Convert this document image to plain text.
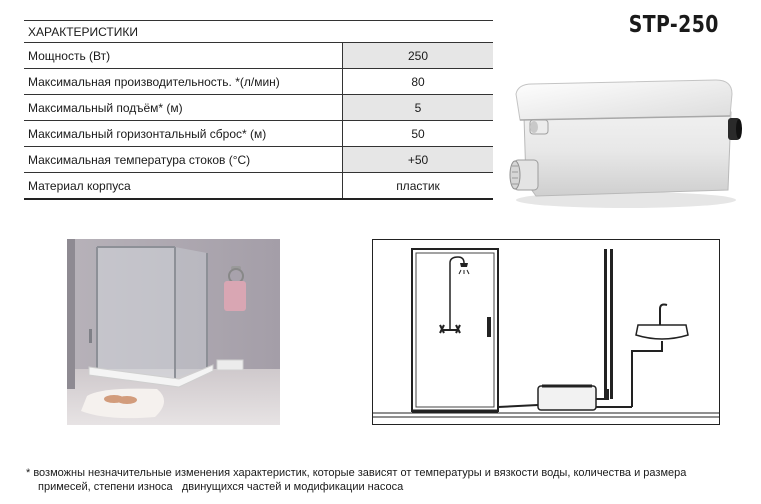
STP-250
ХАРАКТЕРИСТИКИ	
Мощность (Вт)	250
Максимальная производительность. *(л/мин)	80
Максимальный подъём* (м)	5
Максимальный горизонтальный сброс* (м)	50
Максимальная температура стоков (°С)	+50
Материал корпуса	пластик
* возможны незначительные изменения характеристик, которые зависят от температуры и вязкости воды, количества и размера
примесей, степени износа   двинущихся частей и модификации насоса
